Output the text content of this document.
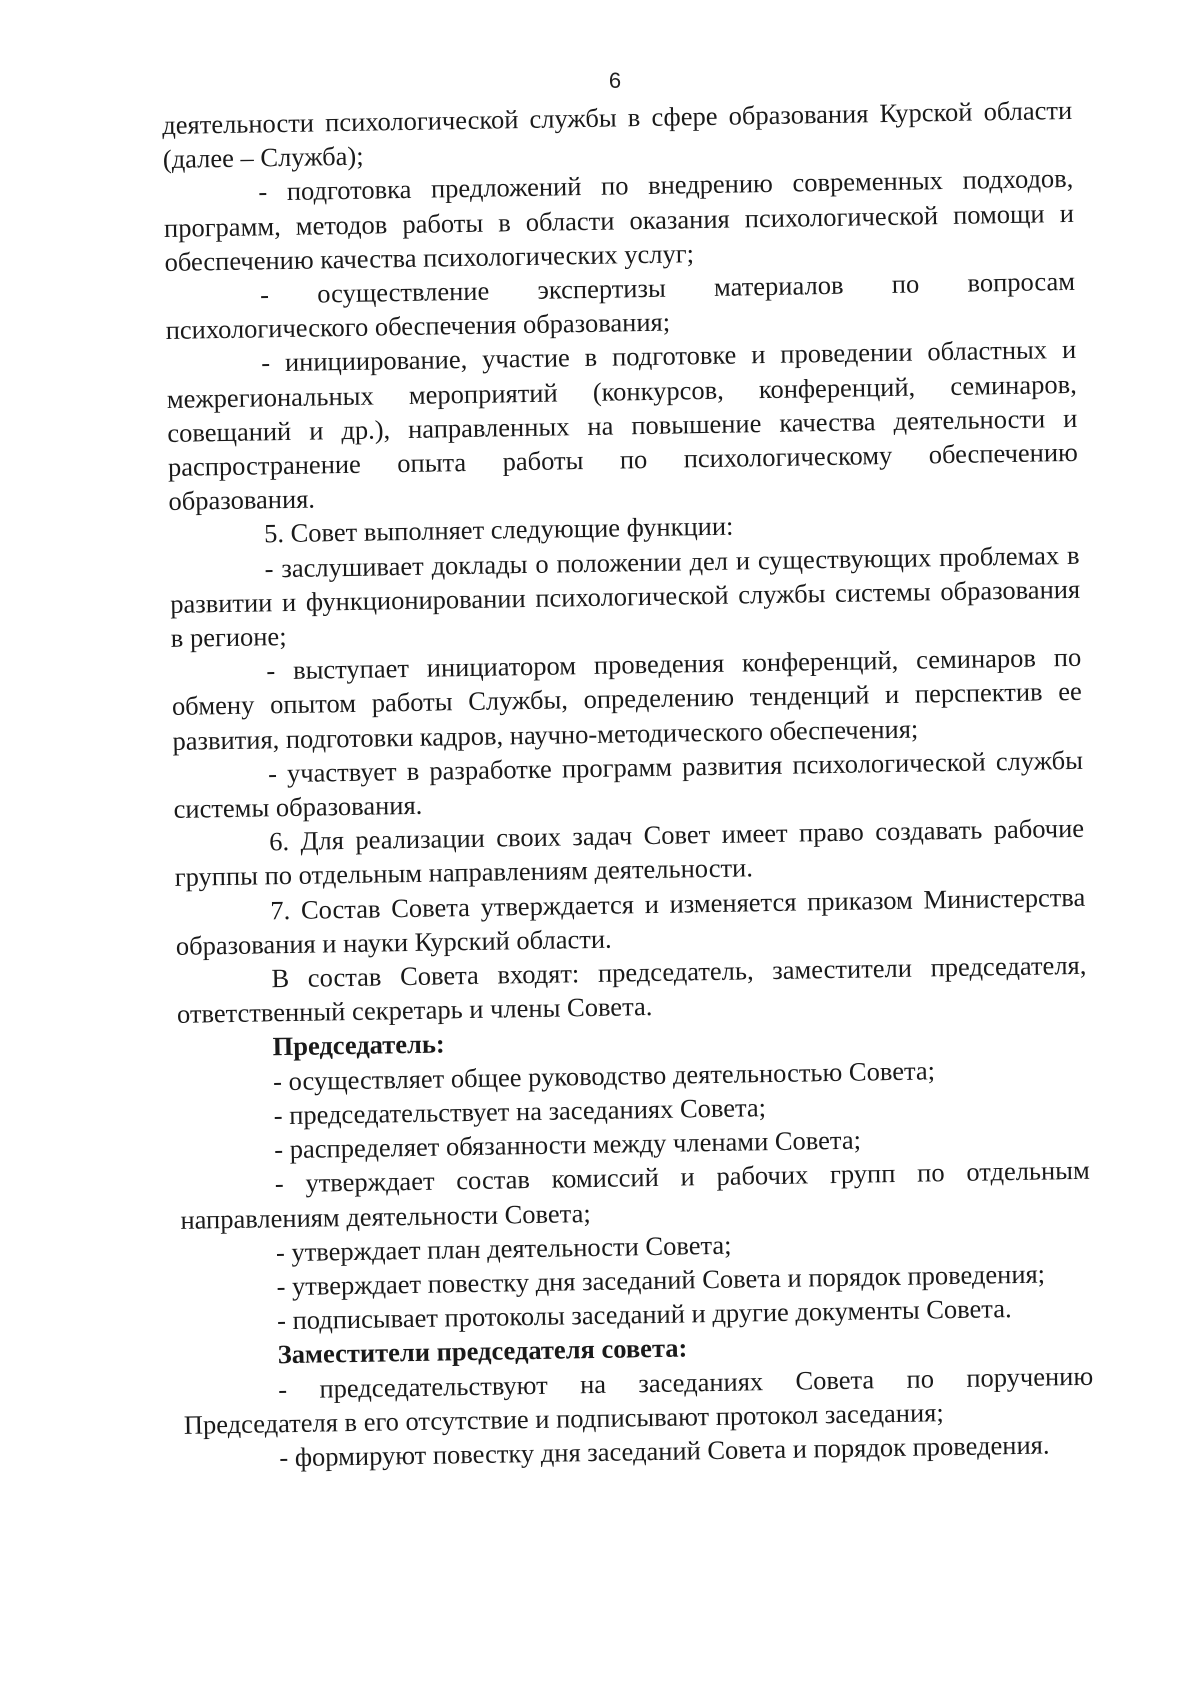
6

деятельности психологической службы в сфере образования Курской области (далее – Служба);

- подготовка предложений по внедрению современных подходов, программ, методов работы в области оказания психологической помощи и обеспечению качества психологических услуг;

- осуществление экспертизы материалов по вопросам психологического обеспечения образования;

- инициирование, участие в подготовке и проведении областных и межрегиональных мероприятий (конкурсов, конференций, семинаров, совещаний и др.), направленных на повышение качества деятельности и распространение опыта работы по психологическому обеспечению образования.

5. Совет выполняет следующие функции:

- заслушивает доклады о положении дел и существующих проблемах в развитии и функционировании психологической службы системы образования в регионе;

- выступает инициатором проведения конференций, семинаров по обмену опытом работы Службы, определению тенденций и перспектив ее развития, подготовки кадров, научно-методического обеспечения;

- участвует в разработке программ развития психологической службы системы образования.

6. Для реализации своих задач Совет имеет право создавать рабочие группы по отдельным направлениям деятельности.

7. Состав Совета утверждается и изменяется приказом Министерства образования и науки Курский области.

В состав Совета входят: председатель, заместители председателя, ответственный секретарь и члены Совета.

Председатель:

- осуществляет общее руководство деятельностью Совета;

- председательствует на заседаниях Совета;

- распределяет обязанности между членами Совета;

- утверждает состав комиссий и рабочих групп по отдельным направлениям деятельности Совета;

- утверждает план деятельности Совета;

- утверждает повестку дня заседаний Совета и порядок проведения;

- подписывает протоколы заседаний и другие документы Совета.

Заместители председателя совета:

- председательствуют на заседаниях Совета по поручению Председателя в его отсутствие и подписывают протокол заседания;

- формируют повестку дня заседаний Совета и порядок проведения.
